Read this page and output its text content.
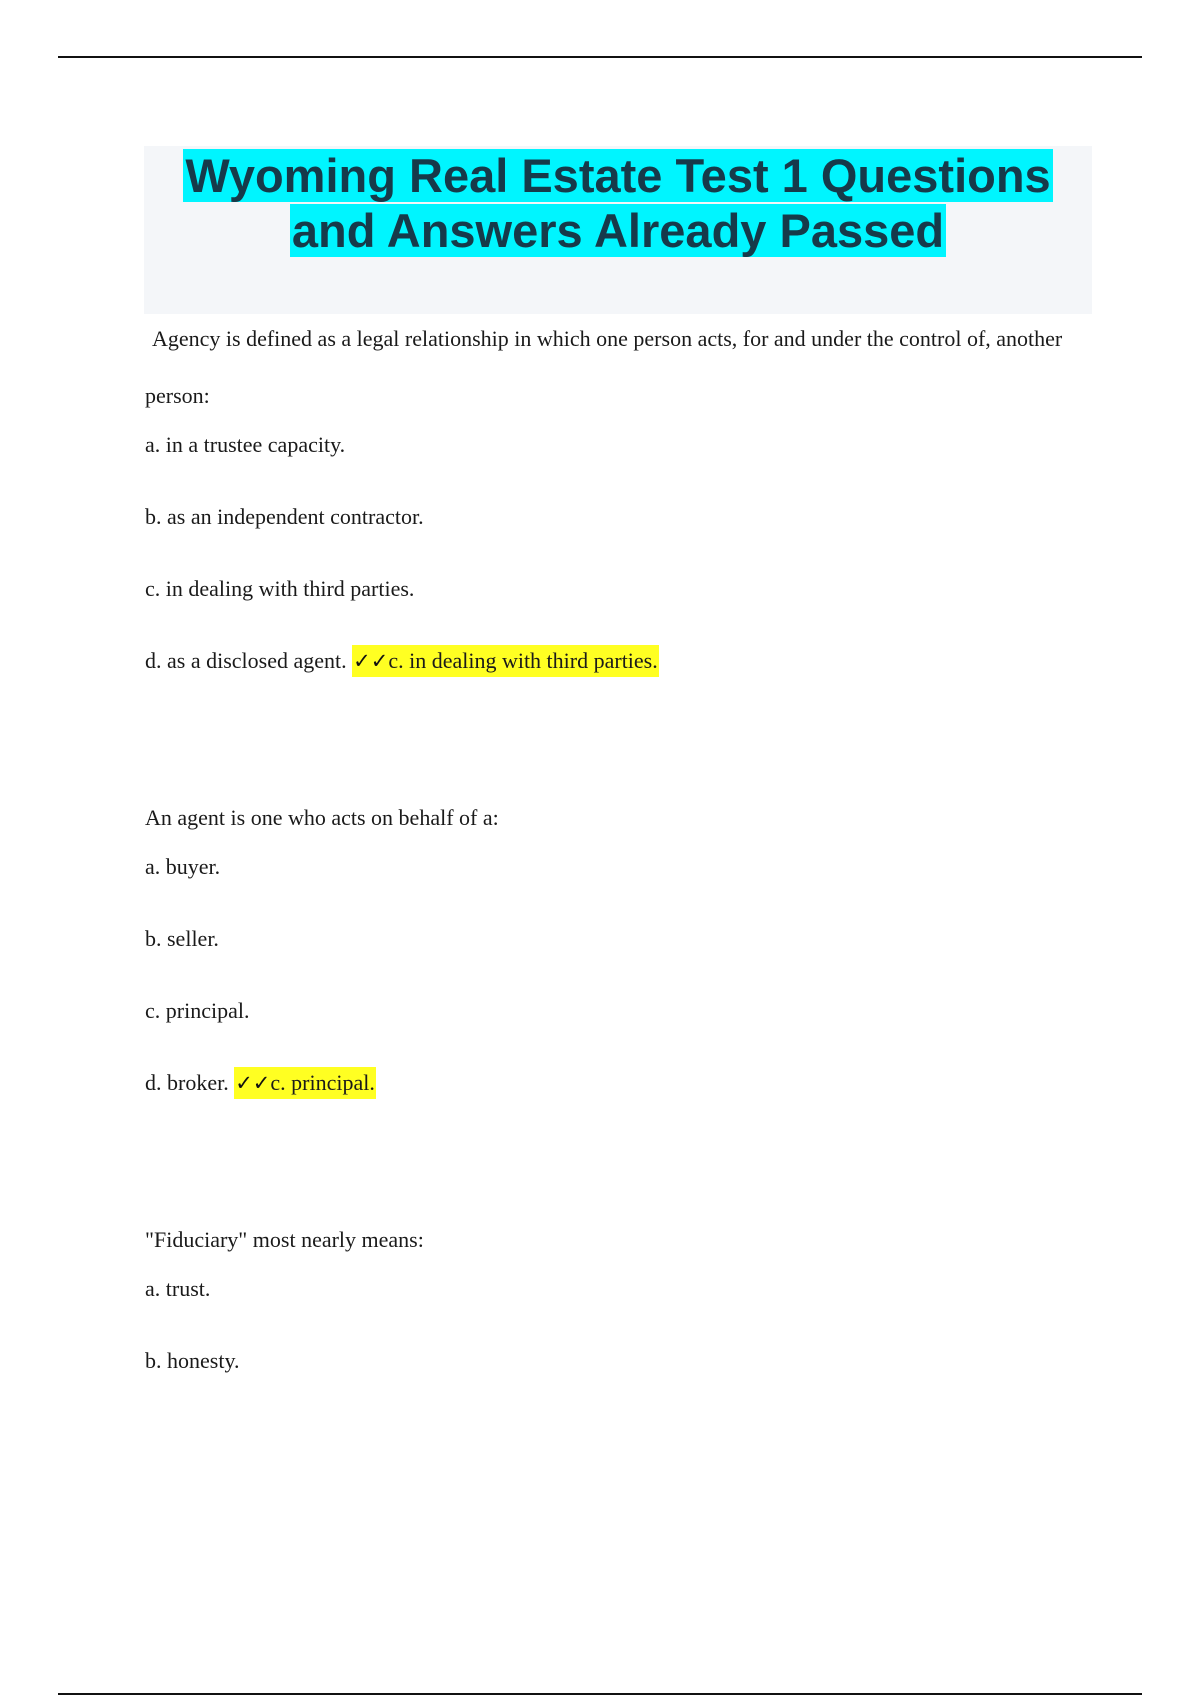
Wyoming Real Estate Test 1 Questions
and Answers Already Passed

Agency is defined as a legal relationship in which one person acts, for and under the control of, another person:

a. in a trustee capacity.

b. as an independent contractor.

c. in dealing with third parties.

d. as a disclosed agent. ✓✓c. in dealing with third parties.

An agent is one who acts on behalf of a:

a. buyer.

b. seller.

c. principal.

d. broker. ✓✓c. principal.

"Fiduciary" most nearly means:

a. trust.

b. honesty.
